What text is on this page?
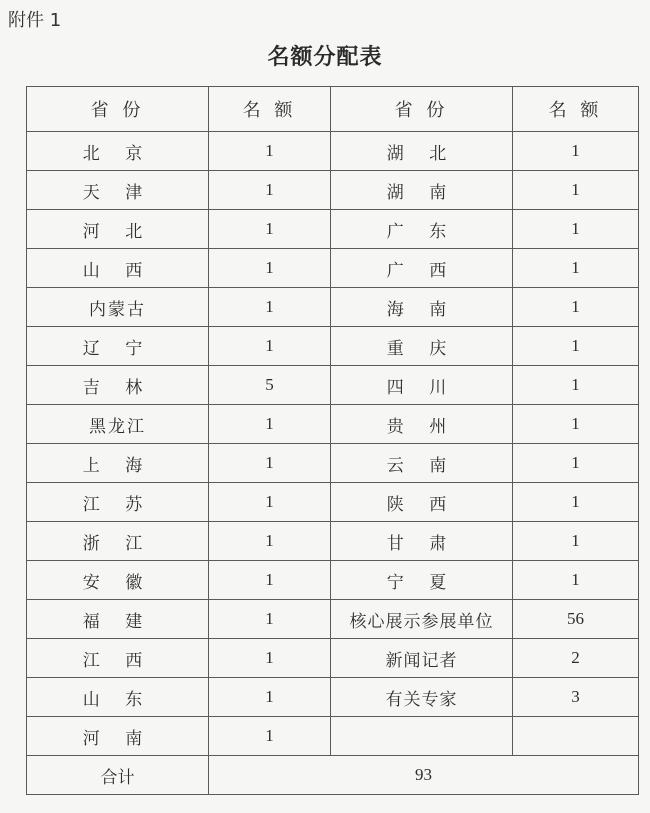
附件 1
名额分配表
省 份	名 额	省 份	名 额
北 京	1	湖 北	1
天 津	1	湖 南	1
河 北	1	广 东	1
山 西	1	广 西	1
内蒙古	1	海 南	1
辽 宁	1	重 庆	1
吉 林	5	四 川	1
黑龙江	1	贵 州	1
上 海	1	云 南	1
江 苏	1	陕 西	1
浙 江	1	甘 肃	1
安 徽	1	宁 夏	1
福 建	1	核心展示参展单位	56
江 西	1	新闻记者	2
山 东	1	有关专家	3
河 南	1		
合计	93		
